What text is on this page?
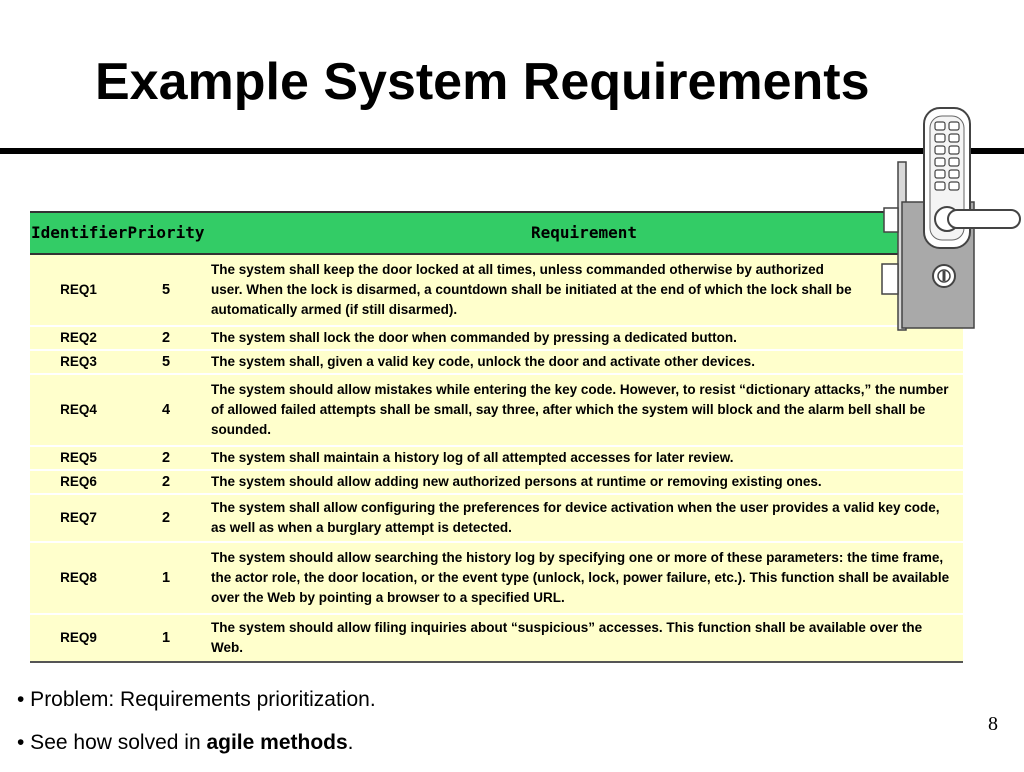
Example System Requirements
Identifier	Priority	Requirement
REQ1	5	The system shall keep the door locked at all times, unless commanded otherwise by authorized user. When the lock is disarmed, a countdown shall be initiated at the end of which the lock shall be automatically armed (if still disarmed).
REQ2	2	The system shall lock the door when commanded by pressing a dedicated button.
REQ3	5	The system shall, given a valid key code, unlock the door and activate other devices.
REQ4	4	The system should allow mistakes while entering the key code. However, to resist “dictionary attacks,” the number of allowed failed attempts shall be small, say three, after which the system will block and the alarm bell shall be sounded.
REQ5	2	The system shall maintain a history log of all attempted accesses for later review.
REQ6	2	The system should allow adding new authorized persons at runtime or removing existing ones.
REQ7	2	The system shall allow configuring the preferences for device activation when the user provides a valid key code, as well as when a burglary attempt is detected.
REQ8	1	The system should allow searching the history log by specifying one or more of these parameters: the time frame, the actor role, the door location, or the event type (unlock, lock, power failure, etc.). This function shall be available over the Web by pointing a browser to a specified URL.
REQ9	1	The system should allow filing inquiries about “suspicious” accesses. This function shall be available over the Web.
• Problem: Requirements prioritization.
• See how solved in agile methods.
8
